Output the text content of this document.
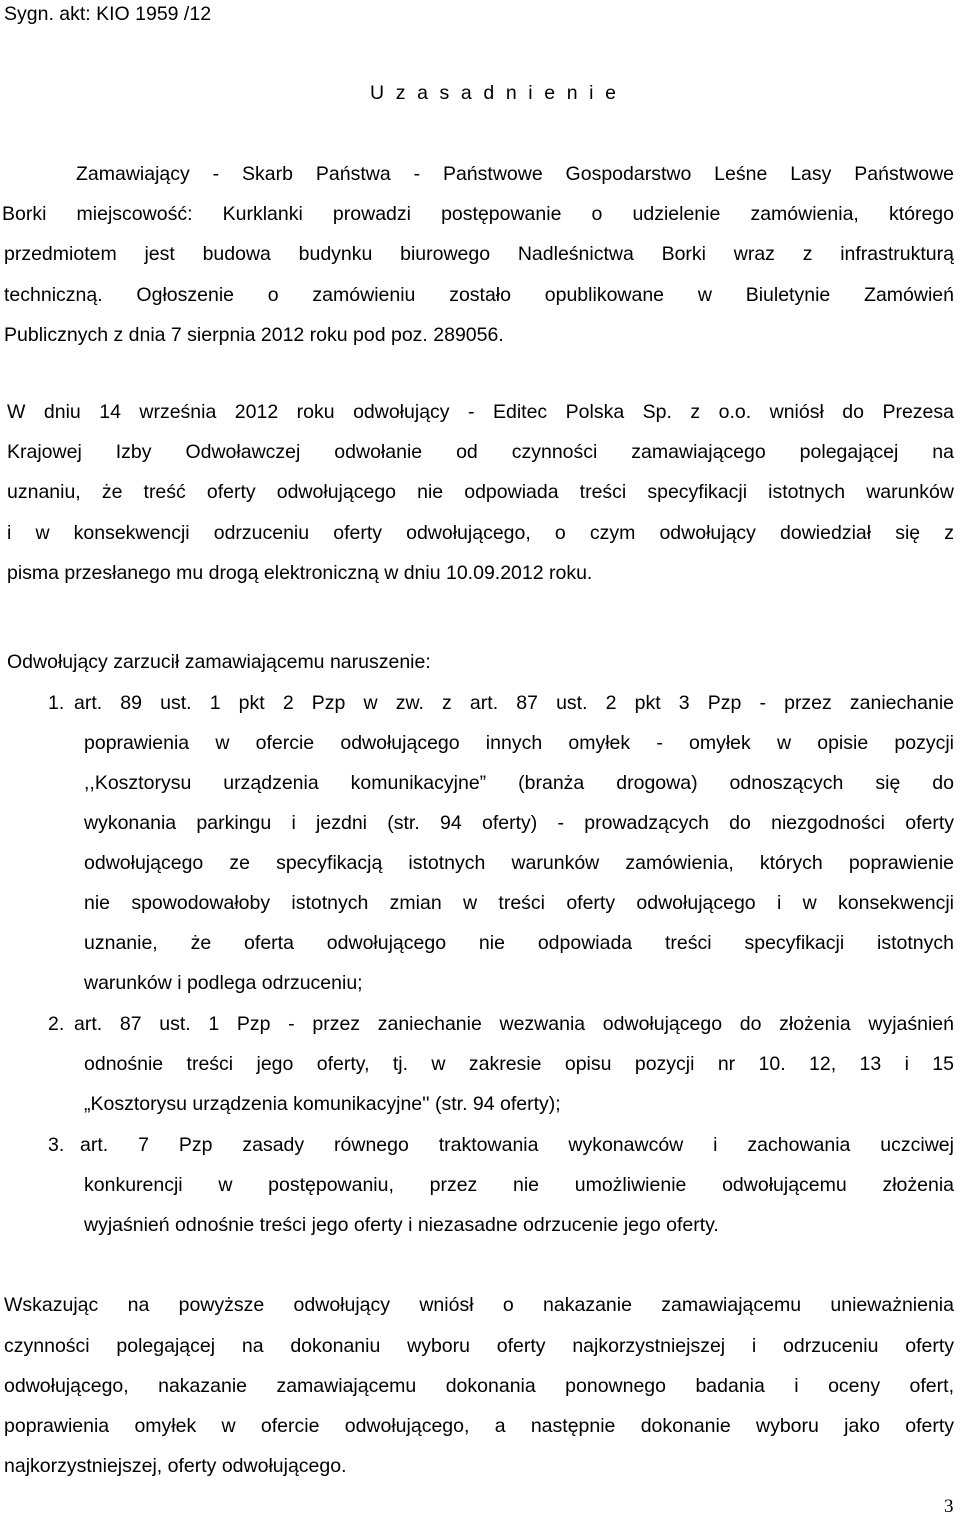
Sygn. akt: KIO 1959 /12
U z a s a d n i e n i e
Zamawiający - Skarb Państwa - Państwowe Gospodarstwo Leśne Lasy Państwowe
Borki miejscowość: Kurklanki prowadzi postępowanie o udzielenie zamówienia, którego
przedmiotem jest budowa budynku biurowego Nadleśnictwa Borki wraz z infrastrukturą
techniczną. Ogłoszenie o zamówieniu zostało opublikowane w Biuletynie Zamówień
Publicznych z dnia 7 sierpnia 2012 roku pod poz. 289056.
W dniu 14 września 2012 roku odwołujący - Editec Polska Sp. z o.o. wniósł do Prezesa
Krajowej Izby Odwoławczej odwołanie od czynności zamawiającego polegającej na
uznaniu, że treść oferty odwołującego nie odpowiada treści specyfikacji istotnych warunków
i w konsekwencji odrzuceniu oferty odwołującego, o czym odwołujący dowiedział się z
pisma przesłanego mu drogą elektroniczną w dniu 10.09.2012 roku.
Odwołujący zarzucił zamawiającemu naruszenie:
1. art. 89 ust. 1 pkt 2 Pzp w zw. z art. 87 ust. 2 pkt 3 Pzp - przez zaniechanie
poprawienia w ofercie odwołującego innych omyłek - omyłek w opisie pozycji
,,Kosztorysu urządzenia komunikacyjne” (branża drogowa) odnoszących się do
wykonania parkingu i jezdni (str. 94 oferty) - prowadzących do niezgodności oferty
odwołującego ze specyfikacją istotnych warunków zamówienia, których poprawienie
nie spowodowałoby istotnych zmian w treści oferty odwołującego i w konsekwencji
uznanie, że oferta odwołującego nie odpowiada treści specyfikacji istotnych
warunków i podlega odrzuceniu;
2. art. 87 ust. 1 Pzp - przez zaniechanie wezwania odwołującego do złożenia wyjaśnień
odnośnie treści jego oferty, tj. w zakresie opisu pozycji nr 10. 12, 13 i 15
„Kosztorysu urządzenia komunikacyjne'' (str. 94 oferty);
3. art. 7 Pzp zasady równego traktowania wykonawców i zachowania uczciwej
konkurencji w postępowaniu, przez nie umożliwienie odwołującemu złożenia
wyjaśnień odnośnie treści jego oferty i niezasadne odrzucenie jego oferty.
Wskazując na powyższe odwołujący wniósł o nakazanie zamawiającemu unieważnienia
czynności polegającej na dokonaniu wyboru oferty najkorzystniejszej i odrzuceniu oferty
odwołującego, nakazanie zamawiającemu dokonania ponownego badania i oceny ofert,
poprawienia omyłek w ofercie odwołującego, a następnie dokonanie wyboru jako oferty
najkorzystniejszej, oferty odwołującego.
3
